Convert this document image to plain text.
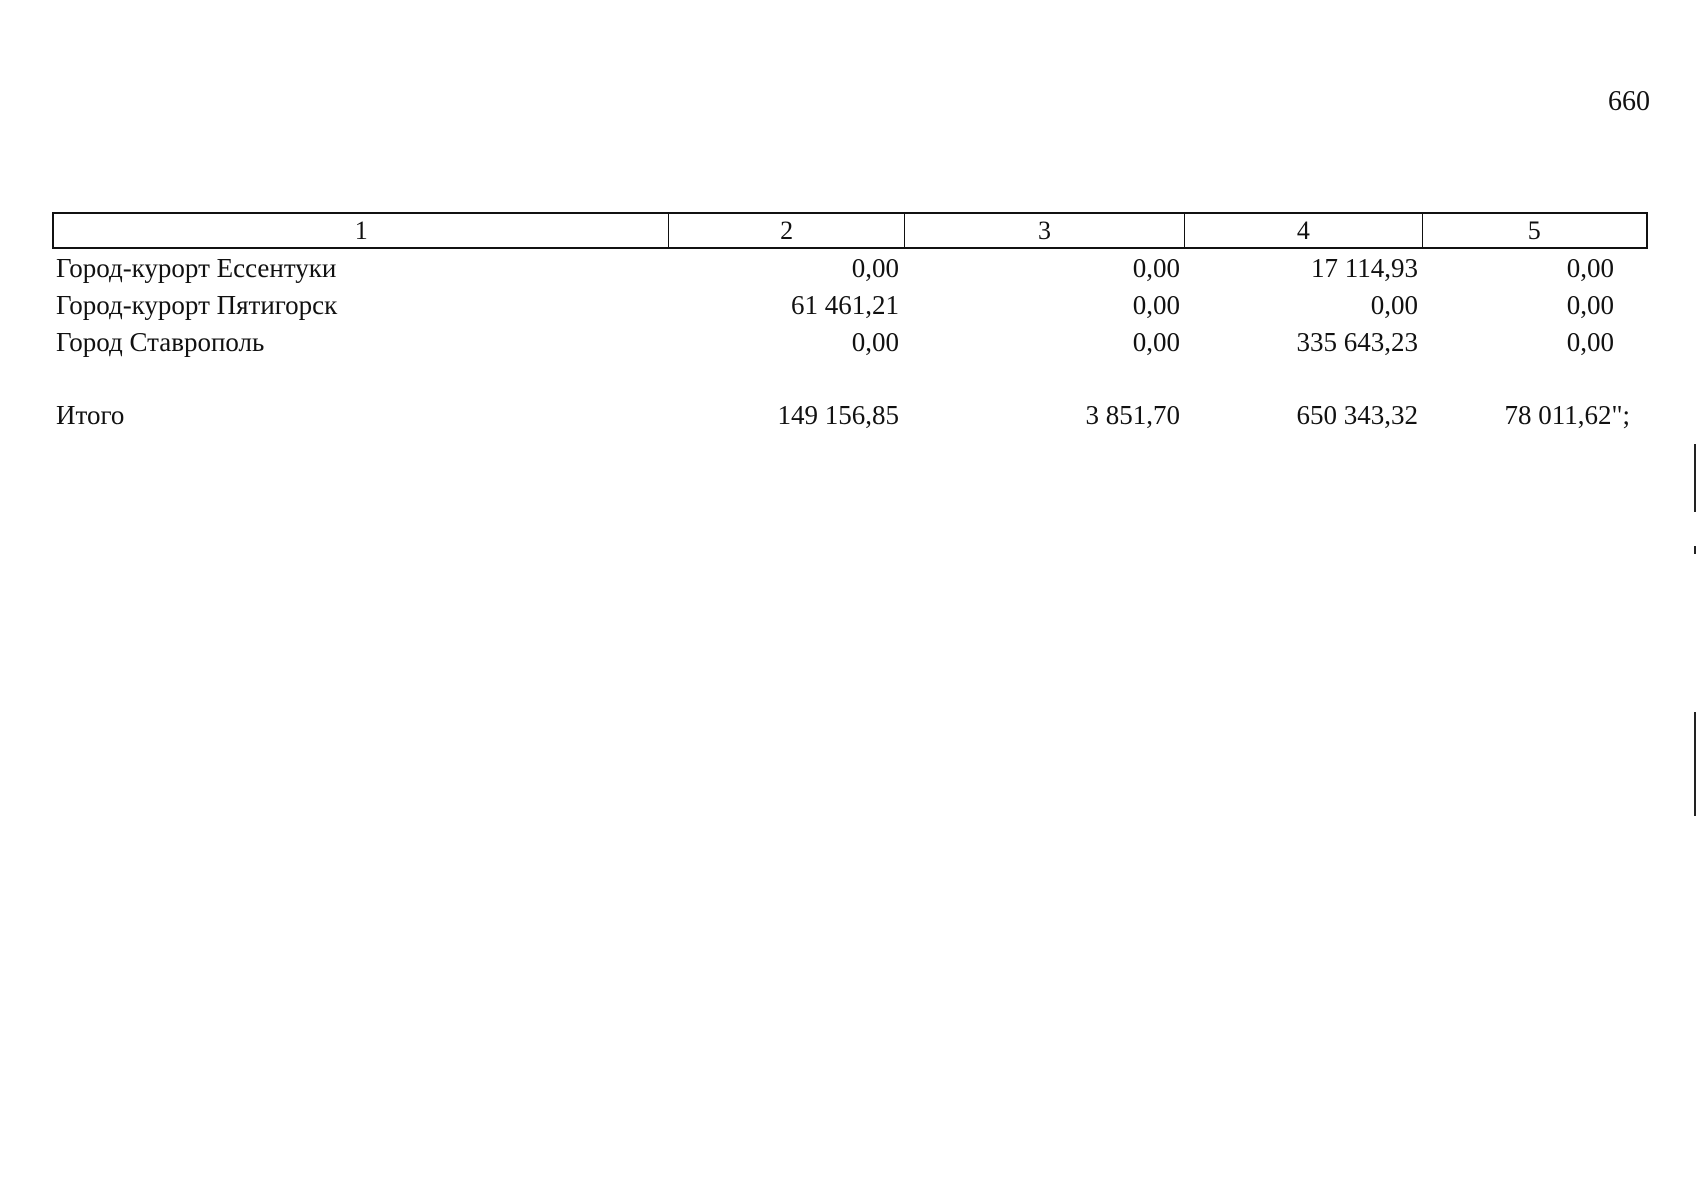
660
1	2	3	4	5
Город-курорт Ессентуки	0,00	0,00	17 114,93	0,00
Город-курорт Пятигорск	61 461,21	0,00	0,00	0,00
Город Ставрополь	0,00	0,00	335 643,23	0,00
Итого	149 156,85	3 851,70	650 343,32	78 011,62";
